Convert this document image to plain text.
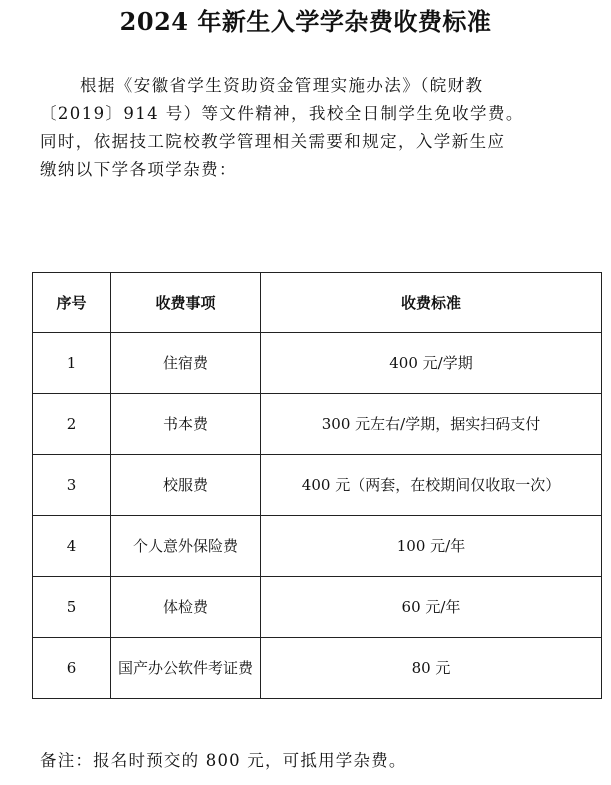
2024 年新生入学学杂费收费标准

根据《安徽省学生资助资金管理实施办法》（皖财教
〔2019〕914 号）等文件精神，我校全日制学生免收学费。
同时，依据技工院校教学管理相关需要和规定，入学新生应
缴纳以下学各项学杂费：

序号	收费事项	收费标准
1	住宿费	400 元/学期
2	书本费	300 元左右/学期，据实扫码支付
3	校服费	400 元（两套，在校期间仅收取一次）
4	个人意外保险费	100 元/年
5	体检费	60 元/年
6	国产办公软件考证费	80 元
备注：报名时预交的 800 元，可抵用学杂费。
